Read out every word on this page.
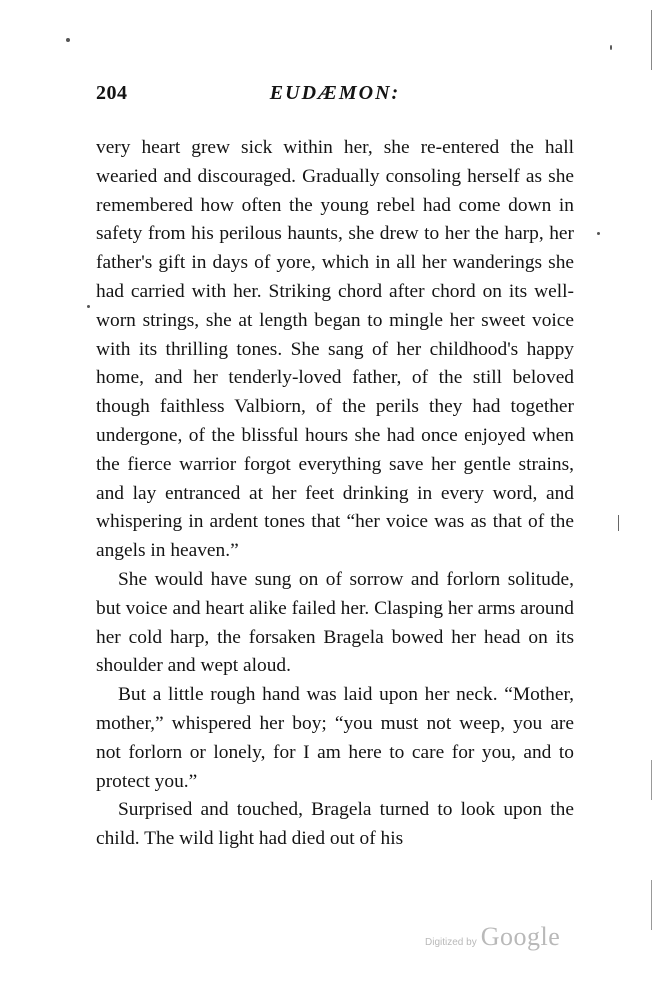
204	EUDÆMON:

very heart grew sick within her, she re-entered the hall wearied and discouraged. Gradually consoling herself as she remembered how often the young rebel had come down in safety from his perilous haunts, she drew to her the harp, her father's gift in days of yore, which in all her wanderings she had carried with her. Striking chord after chord on its well-worn strings, she at length began to mingle her sweet voice with its thrilling tones. She sang of her childhood's happy home, and her tenderly-loved father, of the still beloved though faithless Valbiorn, of the perils they had together undergone, of the blissful hours she had once enjoyed when the fierce warrior forgot everything save her gentle strains, and lay entranced at her feet drinking in every word, and whispering in ardent tones that “her voice was as that of the angels in heaven.”

She would have sung on of sorrow and forlorn solitude, but voice and heart alike failed her. Clasping her arms around her cold harp, the forsaken Bragela bowed her head on its shoulder and wept aloud.

But a little rough hand was laid upon her neck. “Mother, mother,” whispered her boy; “you must not weep, you are not forlorn or lonely, for I am here to care for you, and to protect you.”

Surprised and touched, Bragela turned to look upon the child. The wild light had died out of his

Digitized by Google
